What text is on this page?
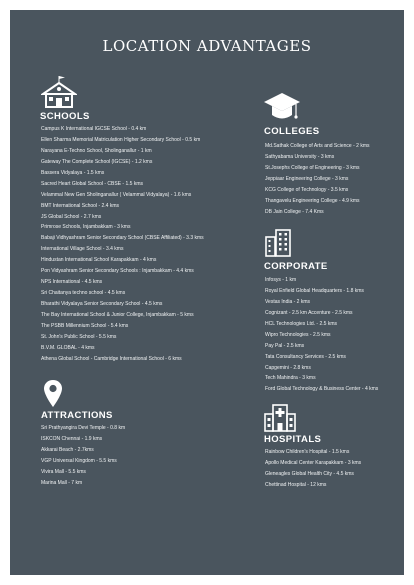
LOCATION ADVANTAGES
SCHOOLS
Campus K International IGCSE School - 0.4 km
Ellen Sharma Memorial Matriculation Higher Secondary School - 0.5 km
Narayana E-Techno School, Sholinganallur - 1 km
Gateway The Complete School (IGCSE) - 1.2 kms
Bassera Vidyalaya - 1.5 kms
Sacred Heart Global School - CBSE - 1.5 kms
Velammal New Gen Sholinganallur ( Velammal Vidyalaya) - 1.6 kms
BMT International School - 2.4 kms
JS Global School - 2.7 kms
Primrose Schools, Injambakkam - 3 kms
Babaji Vidhyashram Senior Secondary School (CBSE Affiliated) - 3.3 kms
International Village School - 3.4 kms
Hindustan International School Karapakkam - 4 kms
Pon Vidyashram Senior Secondary Schools : Injambakkam - 4.4 kms
NPS International - 4.5 kms
Sri Chaitanya techno school - 4.5 kms
Bharathi Vidyalaya Senior Secondary School - 4.5 kms
The Bay International School & Junior College, Injambakkam - 5 kms
The PSBB Millennium School - 5.4 kms
St. John's Public School - 5.5 kms
B.V.M. GLOBAL - 4 kms
Athena Global School - Cambridge International School - 6 kms
COLLEGES
Md.Sathak College of Arts and Science - 2 kms
Sathyabama University - 3 kms
St.Josephs College of Engineering - 3 kms
Jeppiaar Engineering College - 3 kms
KCG College of Technology - 3.5 kms
Thangavelu Engineering College - 4.9 kms
DB Jain College - 7.4 Kms
CORPORATE
Infosys - 1 km
Royal Enfield Global Headquarters - 1.8 kms
Vestas India - 2 kms
Cognizant - 2.5 km Accenture - 2.5 kms
HCL Technologies Ltd. - 2.5 kms
Wipro Technologies - 2.5 kms
Pay Pal - 2.5 kms
Tata Consultancy Services - 2.5 kms
Capgemini - 2.8 kms
Tech Mahindra - 3 kms
Ford Global Technology & Business Center - 4 kms
ATTRACTIONS
Sri Prathyangira Devi Temple - 0.8 km
ISKCON Chennai - 1.9 kms
Akkarai Beach - 2.7kms
VGP Universal Kingdom - 5.5 kms
Vivira Mall - 5.5 kms
Marina Mall - 7 km
HOSPITALS
Rainbow Children's Hospital - 1.5 kms
Apollo Medical Center Karapakkam - 3 kms
Gleneagles Global Health City - 4.5 kms
Chettinad Hospital - 12 kms
